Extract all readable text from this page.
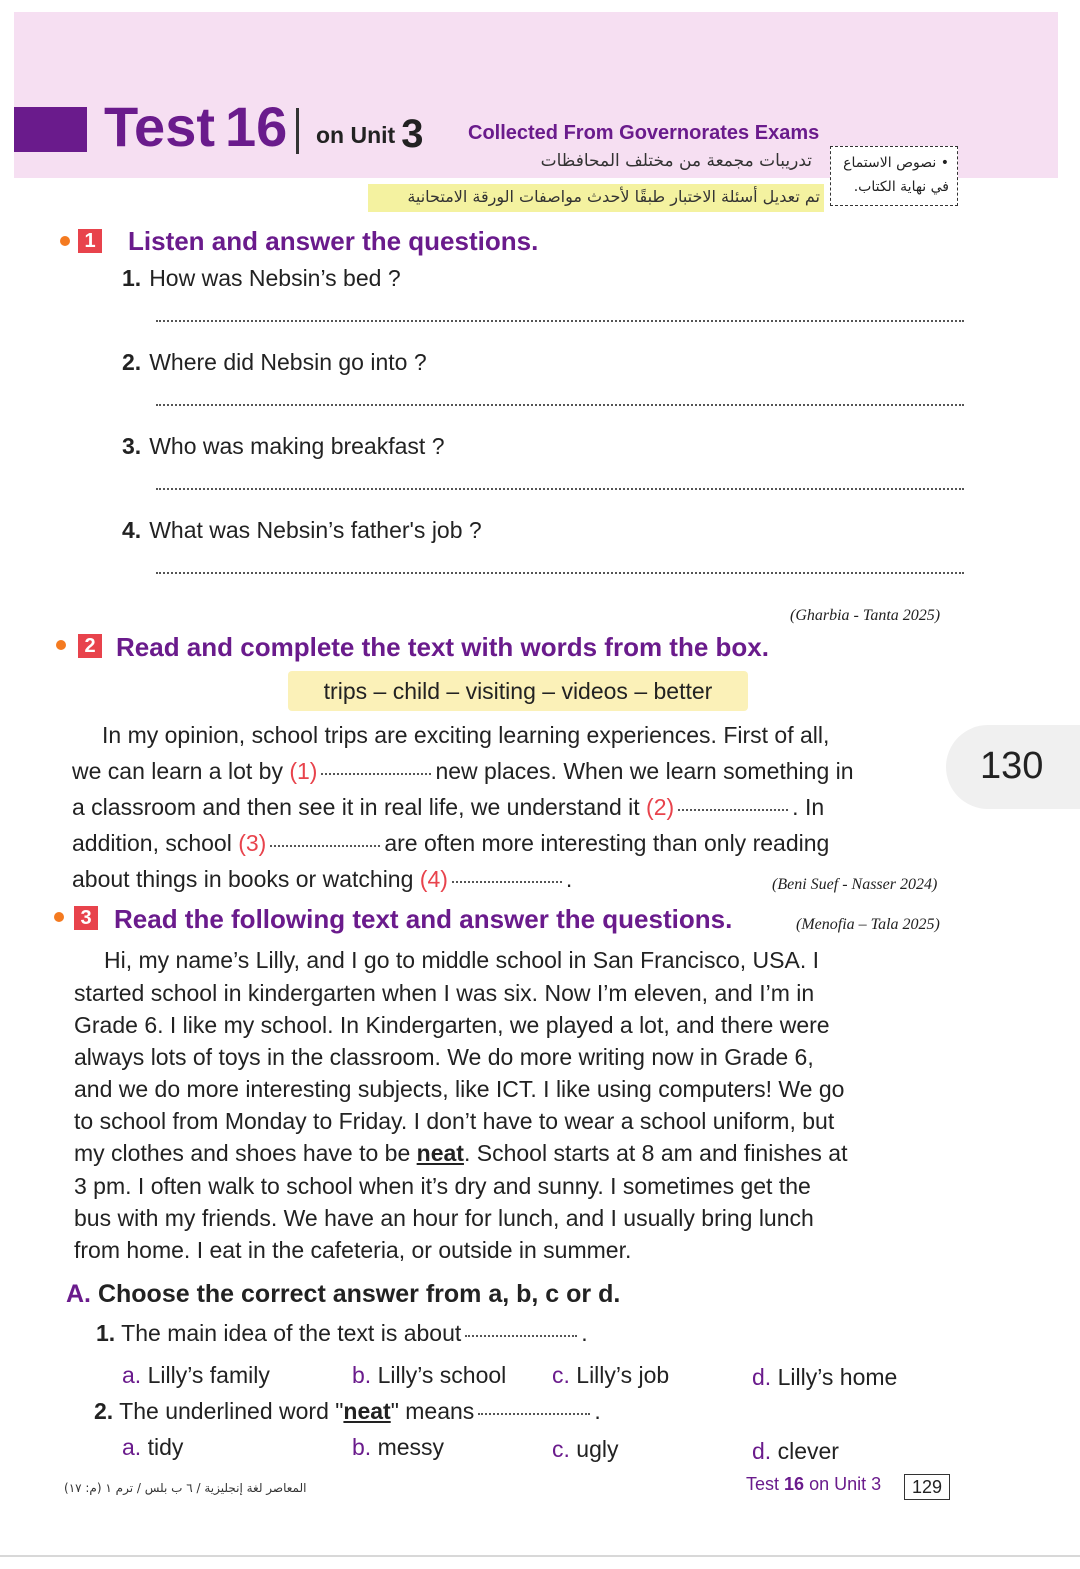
Test 16 on Unit 3 Collected From Governorates Exams
تدريبات مجمعة من مختلف المحافظات
تم تعديل أسئلة الاختبار طبقًا لأحدث مواصفات الورقة الامتحانية
• نصوص الاستماع
في نهاية الكتاب.
1 Listen and answer the questions.
1. How was Nebsin’s bed ?
2. Where did Nebsin go into ?
3. Who was making breakfast ?
4. What was Nebsin’s father's job ?
(Gharbia - Tanta 2025)
2 Read and complete the text with words from the box.
trips – child – visiting – videos – better
In my opinion, school trips are exciting learning experiences. First of all,
we can learn a lot by (1)	new places. When we learn something in
a classroom and then see it in real life, we understand it (2)	. In
addition, school (3)	are often more interesting than only reading
about things in books or watching (4)	.	(Beni Suef - Nasser 2024)
130
3 Read the following text and answer the questions.	(Menofia – Tala 2025)
Hi, my name’s Lilly, and I go to middle school in San Francisco, USA. I
started school in kindergarten when I was six. Now I’m eleven, and I’m in
Grade 6. I like my school. In Kindergarten, we played a lot, and there were
always lots of toys in the classroom. We do more writing now in Grade 6,
and we do more interesting subjects, like ICT. I like using computers! We go
to school from Monday to Friday. I don’t have to wear a school uniform, but
my clothes and shoes have to be neat. School starts at 8 am and finishes at
3 pm. I often walk to school when it’s dry and sunny. I sometimes get the
bus with my friends. We have an hour for lunch, and I usually bring lunch
from home. I eat in the cafeteria, or outside in summer.
A. Choose the correct answer from a, b, c or d.
1. The main idea of the text is about	.
a. Lilly’s family	b. Lilly’s school c. Lilly’s job	d. Lilly’s home
2. The underlined word "neat" means	.
a. tidy	b. messy	c. ugly	d. clever
المعاصر لغة إنجليزية / ٦ ب بلس / ترم ١ (م: ١٧)	Test 16 on Unit 3	129
